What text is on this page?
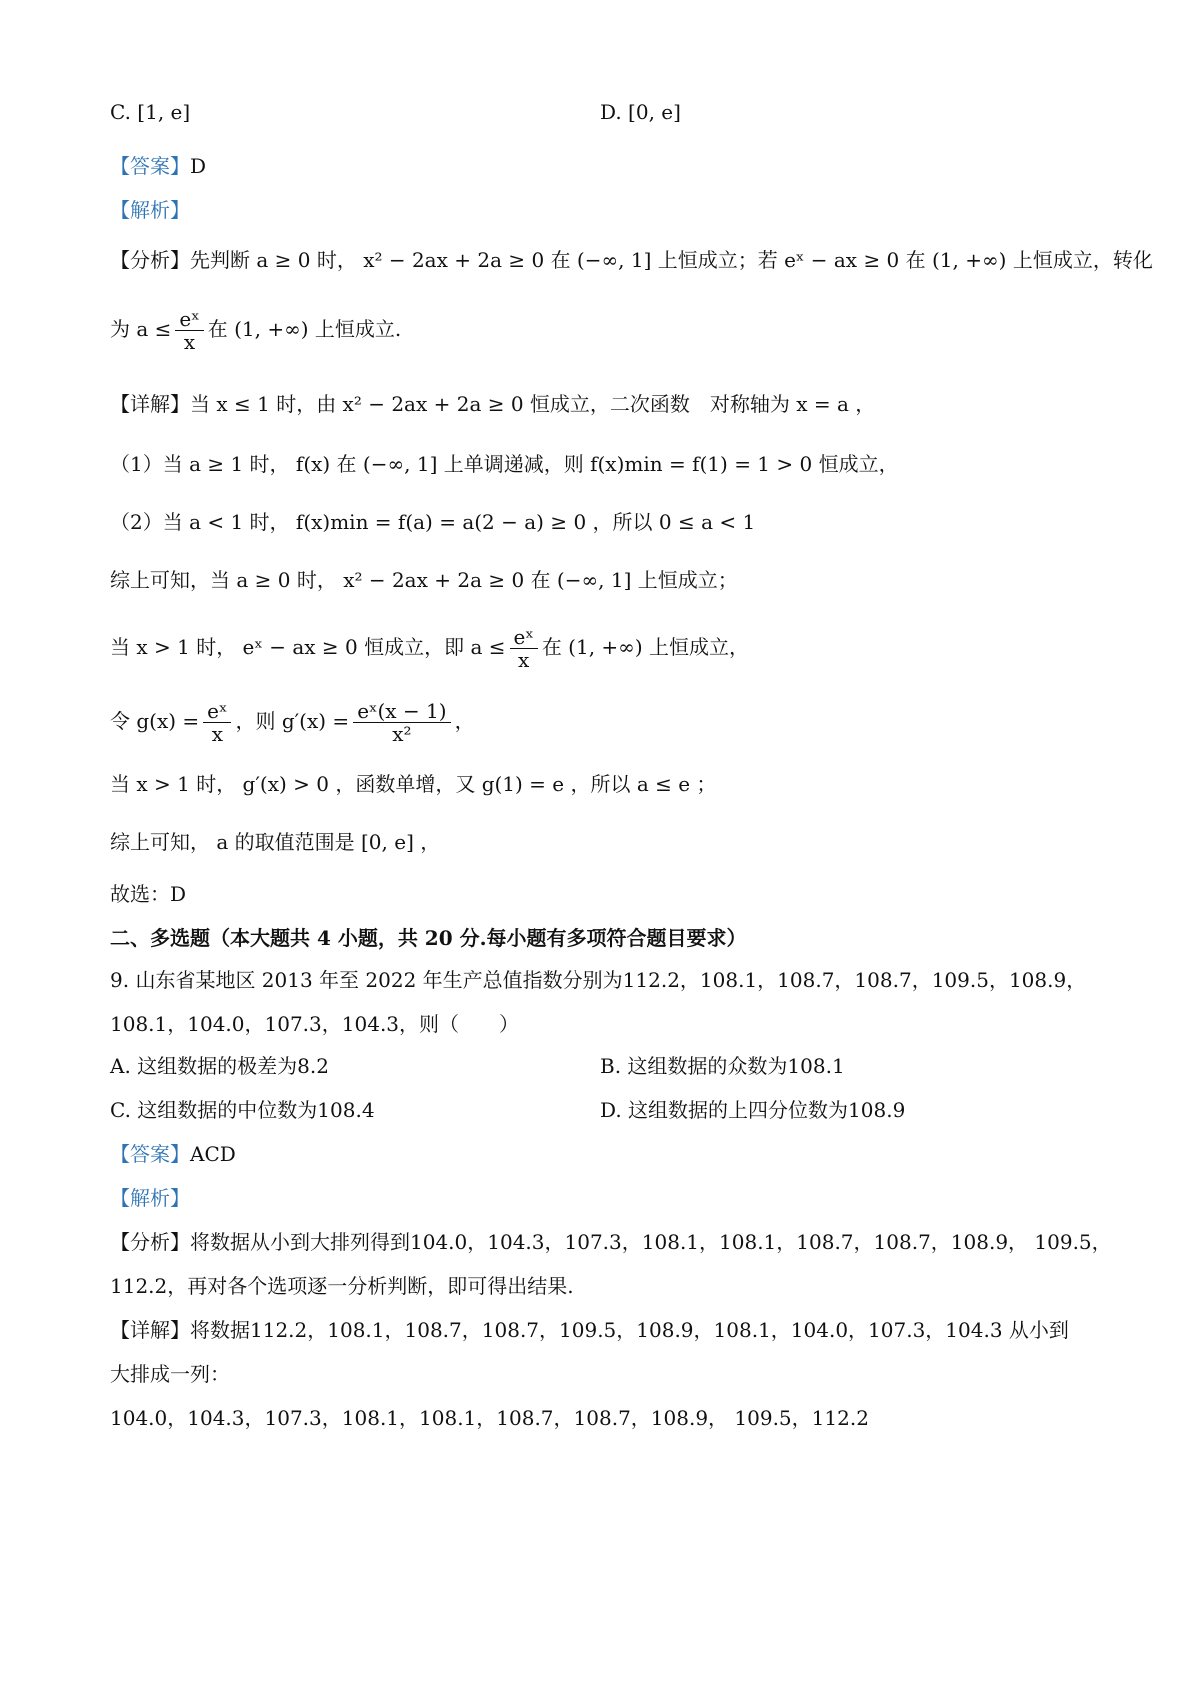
C. [1, e]	D. [0, e]
【答案】D
【解析】
【分析】先判断 a ≥ 0 时， x² − 2ax + 2a ≥ 0 在 (−∞, 1] 上恒成立；若 eˣ − ax ≥ 0 在 (1, +∞) 上恒成立，转化
为 $a \le \frac{\text{eˣ}}{x}$ 在 (1, +∞) 上恒成立.
【详解】当 x ≤ 1 时，由 x² − 2ax + 2a ≥ 0 恒成立，二次函数　对称轴为 x = a ，
（1）当 a ≥ 1 时， f(x) 在 (−∞, 1] 上单调递减，则 f(x)min = f(1) = 1 > 0 恒成立，
（2）当 a < 1 时， f(x)min = f(a) = a(2 − a) ≥ 0 ，所以 0 ≤ a < 1
综上可知，当 a ≥ 0 时， x² − 2ax + 2a ≥ 0 在 (−∞, 1] 上恒成立；
当 x > 1 时， eˣ − ax ≥ 0 恒成立，即 $a \le \frac{\text{eˣ}}{x}$ 在 (1, +∞) 上恒成立，
令 $g(x) = \frac{\text{eˣ}}{x}$ ，则 $g'(x) = \frac{\text{eˣ(x − 1)}}{\text{x²}}$ ，
当 x > 1 时， g′(x) > 0 ，函数单增，又 g(1) = e ，所以 a ≤ e ；
综上可知， a 的取值范围是 [0, e] ，
故选：D
二、多选题（本大题共 4 小题，共 20 分.每小题有多项符合题目要求）
9. 山东省某地区 2013 年至 2022 年生产总值指数分别为112.2，108.1，108.7，108.7，109.5，108.9，
108.1，104.0，107.3，104.3，则（　　）
A. 这组数据的极差为8.2	B. 这组数据的众数为108.1
C. 这组数据的中位数为108.4	D. 这组数据的上四分位数为108.9
【答案】ACD
【解析】
【分析】将数据从小到大排列得到104.0，104.3，107.3，108.1，108.1，108.7，108.7，108.9， 109.5，
112.2，再对各个选项逐一分析判断，即可得出结果.
【详解】将数据112.2，108.1，108.7，108.7，109.5，108.9，108.1，104.0，107.3，104.3 从小到
大排成一列：
104.0，104.3，107.3，108.1，108.1，108.7，108.7，108.9， 109.5，112.2
